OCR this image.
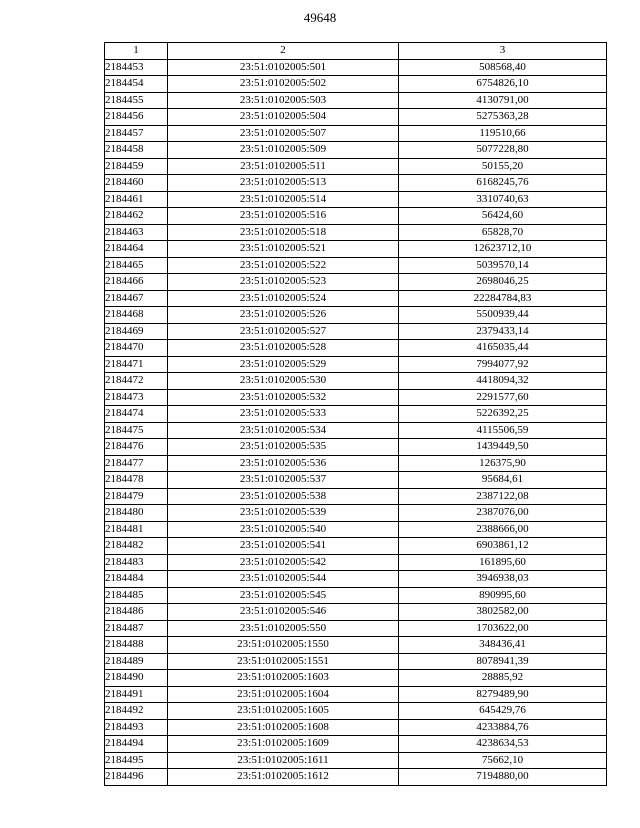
49648
1	2	3
2184453	23:51:0102005:501	508568,40
2184454	23:51:0102005:502	6754826,10
2184455	23:51:0102005:503	4130791,00
2184456	23:51:0102005:504	5275363,28
2184457	23:51:0102005:507	119510,66
2184458	23:51:0102005:509	5077228,80
2184459	23:51:0102005:511	50155,20
2184460	23:51:0102005:513	6168245,76
2184461	23:51:0102005:514	3310740,63
2184462	23:51:0102005:516	56424,60
2184463	23:51:0102005:518	65828,70
2184464	23:51:0102005:521	12623712,10
2184465	23:51:0102005:522	5039570,14
2184466	23:51:0102005:523	2698046,25
2184467	23:51:0102005:524	22284784,83
2184468	23:51:0102005:526	5500939,44
2184469	23:51:0102005:527	2379433,14
2184470	23:51:0102005:528	4165035,44
2184471	23:51:0102005:529	7994077,92
2184472	23:51:0102005:530	4418094,32
2184473	23:51:0102005:532	2291577,60
2184474	23:51:0102005:533	5226392,25
2184475	23:51:0102005:534	4115506,59
2184476	23:51:0102005:535	1439449,50
2184477	23:51:0102005:536	126375,90
2184478	23:51:0102005:537	95684,61
2184479	23:51:0102005:538	2387122,08
2184480	23:51:0102005:539	2387076,00
2184481	23:51:0102005:540	2388666,00
2184482	23:51:0102005:541	6903861,12
2184483	23:51:0102005:542	161895,60
2184484	23:51:0102005:544	3946938,03
2184485	23:51:0102005:545	890995,60
2184486	23:51:0102005:546	3802582,00
2184487	23:51:0102005:550	1703622,00
2184488	23:51:0102005:1550	348436,41
2184489	23:51:0102005:1551	8078941,39
2184490	23:51:0102005:1603	28885,92
2184491	23:51:0102005:1604	8279489,90
2184492	23:51:0102005:1605	645429,76
2184493	23:51:0102005:1608	4233884,76
2184494	23:51:0102005:1609	4238634,53
2184495	23:51:0102005:1611	75662,10
2184496	23:51:0102005:1612	7194880,00
